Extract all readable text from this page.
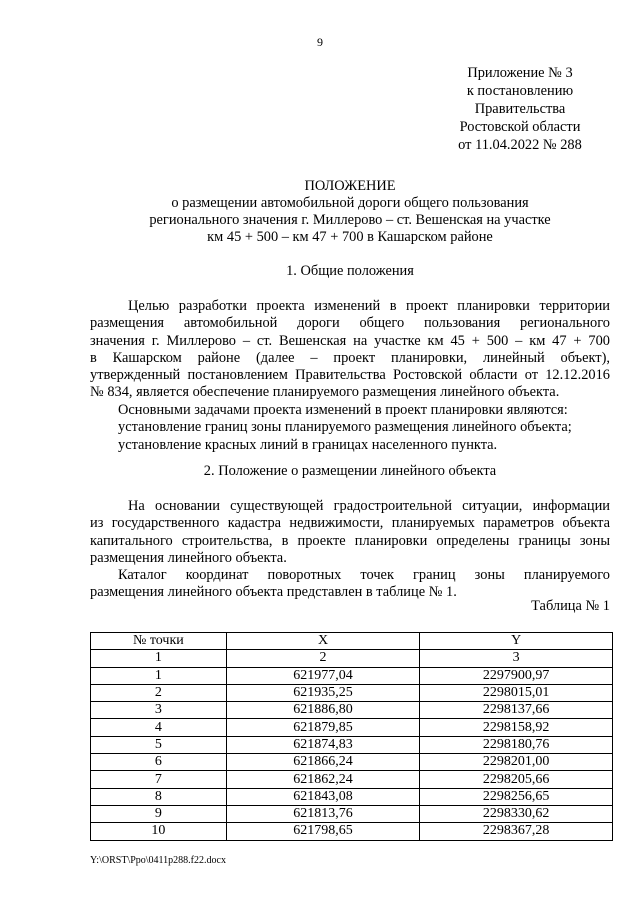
9
Приложение № 3
к постановлению
Правительства
Ростовской области
от 11.04.2022 № 288
ПОЛОЖЕНИЕ
о размещении автомобильной дороги общего пользования
регионального значения г. Миллерово – ст. Вешенская на участке
км 45 + 500 – км 47 + 700 в Кашарском районе
1. Общие положения
Целью разработки проекта изменений в проект планировки территории
размещения автомобильной дороги общего пользования регионального
значения г. Миллерово – ст. Вешенская на участке км 45 + 500 – км 47 + 700
в Кашарском районе (далее – проект планировки, линейный объект),
утвержденный постановлением Правительства Ростовской области от 12.12.2016
№ 834, является обеспечение планируемого размещения линейного объекта.
Основными задачами проекта изменений в проект планировки являются:
установление границ зоны планируемого размещения линейного объекта;
установление красных линий в границах населенного пункта.
2. Положение о размещении линейного объекта
На основании существующей градостроительной ситуации, информации
из государственного кадастра недвижимости, планируемых параметров объекта
капитального строительства, в проекте планировки определены границы зоны
размещения линейного объекта.
Каталог координат поворотных точек границ зоны планируемого
размещения линейного объекта представлен в таблице № 1.
Таблица № 1
№ точки	X	Y
1	2	3
1	621977,04	2297900,97
2	621935,25	2298015,01
3	621886,80	2298137,66
4	621879,85	2298158,92
5	621874,83	2298180,76
6	621866,24	2298201,00
7	621862,24	2298205,66
8	621843,08	2298256,65
9	621813,76	2298330,62
10	621798,65	2298367,28
Y:\ORST\Ppo\0411p288.f22.docx
